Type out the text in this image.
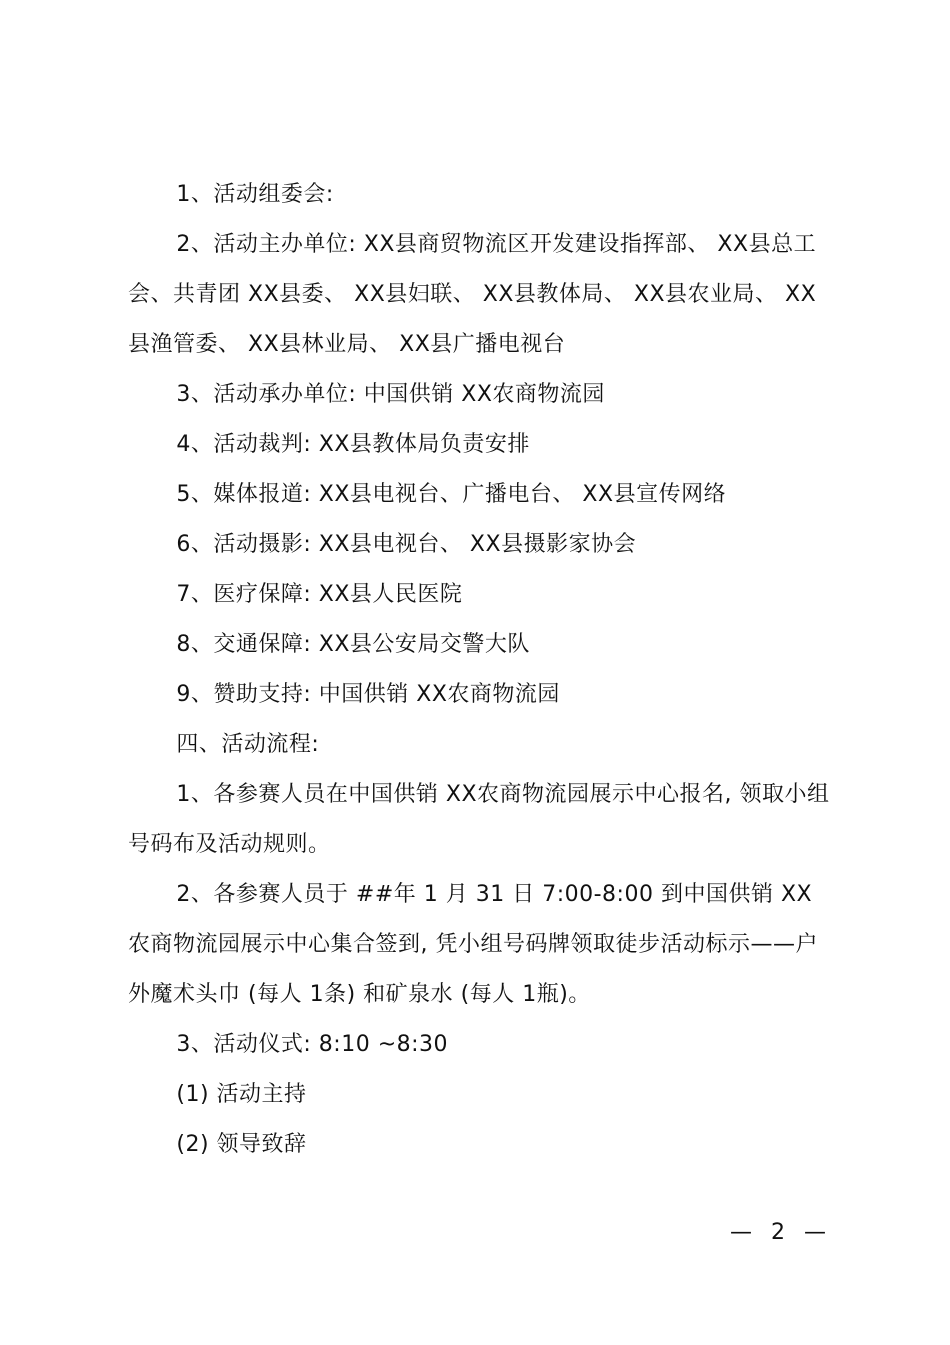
1、活动组委会:

2、活动主办单位: XX县商贸物流区开发建设指挥部、 XX县总工会、共青团 XX县委、 XX县妇联、 XX县教体局、 XX县农业局、 XX县渔管委、 XX县林业局、 XX县广播电视台

3、活动承办单位: 中国供销 XX农商物流园

4、活动裁判: XX县教体局负责安排

5、媒体报道: XX县电视台、广播电台、 XX县宣传网络

6、活动摄影: XX县电视台、 XX县摄影家协会

7、医疗保障: XX县人民医院

8、交通保障: XX县公安局交警大队

9、赞助支持: 中国供销 XX农商物流园

四、活动流程:

1、各参赛人员在中国供销 XX农商物流园展示中心报名, 领取小组号码布及活动规则。

2、各参赛人员于 ##年 1 月 31 日 7:00-8:00 到中国供销 XX农商物流园展示中心集合签到, 凭小组号码牌领取徒步活动标示——户外魔术头巾 (每人 1条) 和矿泉水 (每人 1瓶)。

3、活动仪式: 8:10 ~8:30

(1) 活动主持

(2) 领导致辞

— 2 —
